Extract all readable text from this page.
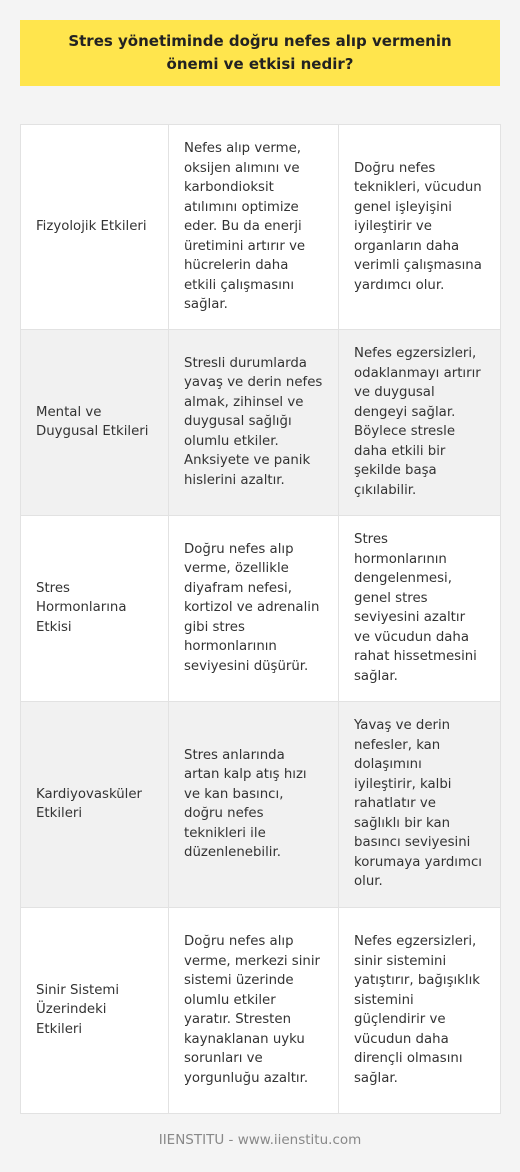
Stres yönetiminde doğru nefes alıp vermenin önemi ve etkisi nedir?
Fizyolojik Etkileri	Nefes alıp verme, oksijen alımını ve karbondioksit atılımını optimize eder. Bu da enerji üretimini artırır ve hücrelerin daha etkili çalışmasını sağlar.	Doğru nefes teknikleri, vücudun genel işleyişini iyileştirir ve organların daha verimli çalışmasına yardımcı olur.
Mental ve Duygusal Etkileri	Stresli durumlarda yavaş ve derin nefes almak, zihinsel ve duygusal sağlığı olumlu etkiler. Anksiyete ve panik hislerini azaltır.	Nefes egzersizleri, odaklanmayı artırır ve duygusal dengeyi sağlar. Böylece stresle daha etkili bir şekilde başa çıkılabilir.
Stres Hormonlarına Etkisi	Doğru nefes alıp verme, özellikle diyafram nefesi, kortizol ve adrenalin gibi stres hormonlarının seviyesini düşürür.	Stres hormonlarının dengelenmesi, genel stres seviyesini azaltır ve vücudun daha rahat hissetmesini sağlar.
Kardiyovasküler Etkileri	Stres anlarında artan kalp atış hızı ve kan basıncı, doğru nefes teknikleri ile düzenlenebilir.	Yavaş ve derin nefesler, kan dolaşımını iyileştirir, kalbi rahatlatır ve sağlıklı bir kan basıncı seviyesini korumaya yardımcı olur.
Sinir Sistemi Üzerindeki Etkileri	Doğru nefes alıp verme, merkezi sinir sistemi üzerinde olumlu etkiler yaratır. Stresten kaynaklanan uyku sorunları ve yorgunluğu azaltır.	Nefes egzersizleri, sinir sistemini yatıştırır, bağışıklık sistemini güçlendirir ve vücudun daha dirençli olmasını sağlar.
IIENSTITU - www.iienstitu.com
